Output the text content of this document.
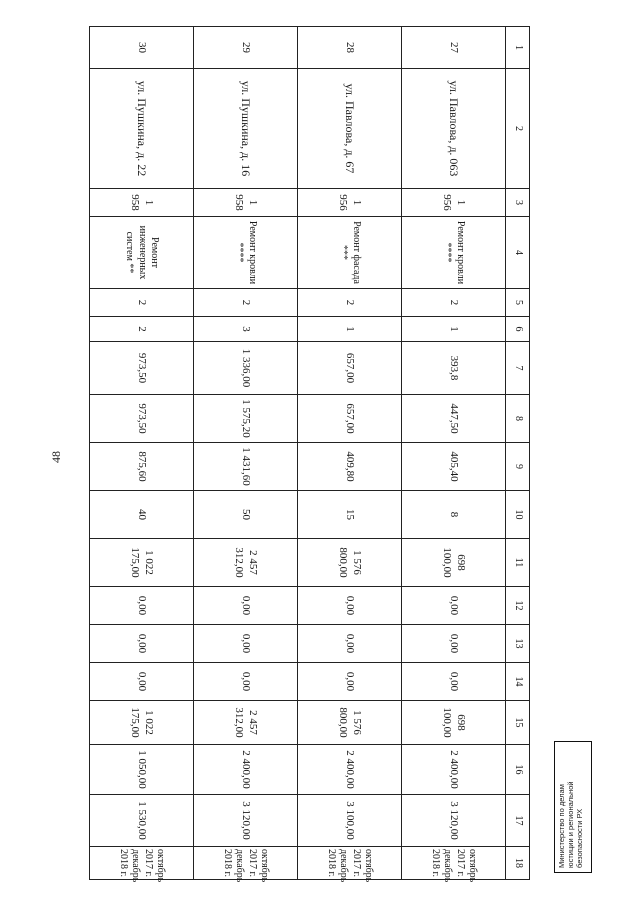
48
1	2	3	4	5	6	7	8	9	10	11	12	13	14	15	16	17	18
27	ул. Павлова, д. 063	1 956	Ремонт кровли ****	2	1	393,8	447,50	405,40	8	698 100,00	0,00	0,00	0,00	698 100,00	2 400,00	3 120,00	октябрь 2017 г.
декабрь 2018 г.

28	ул. Павлова, д. 67	1 956	Ремонт фасада ***	2	1	657,00	657,00	409,80	15	1 576 800,00	0,00	0,00	0,00	1 576 800,00	2 400,00	3 100,00	октябрь 2017 г.
декабрь 2018 г.

29	ул. Пушкина, д. 16	1 958	Ремонт кровли ****	2	3	1 336,00	1 575,20	1 431,60	50	2 457 312,00	0,00	0,00	0,00	2 457 312,00	2 400,00	3 120,00	октябрь 2017 г.
декабрь 2018 г.

30	ул. Пушкина, д. 22	1 958	Ремонт инженерных систем **	2	2	973,50	973,50	875,60	40	1 022 175,00	0,00	0,00	0,00	1 022 175,00	1 050,00	1 530,00	октябрь 2017 г.
декабрь 2018 г.	Министерство по делам юстиции и региональной безопасности РХ
